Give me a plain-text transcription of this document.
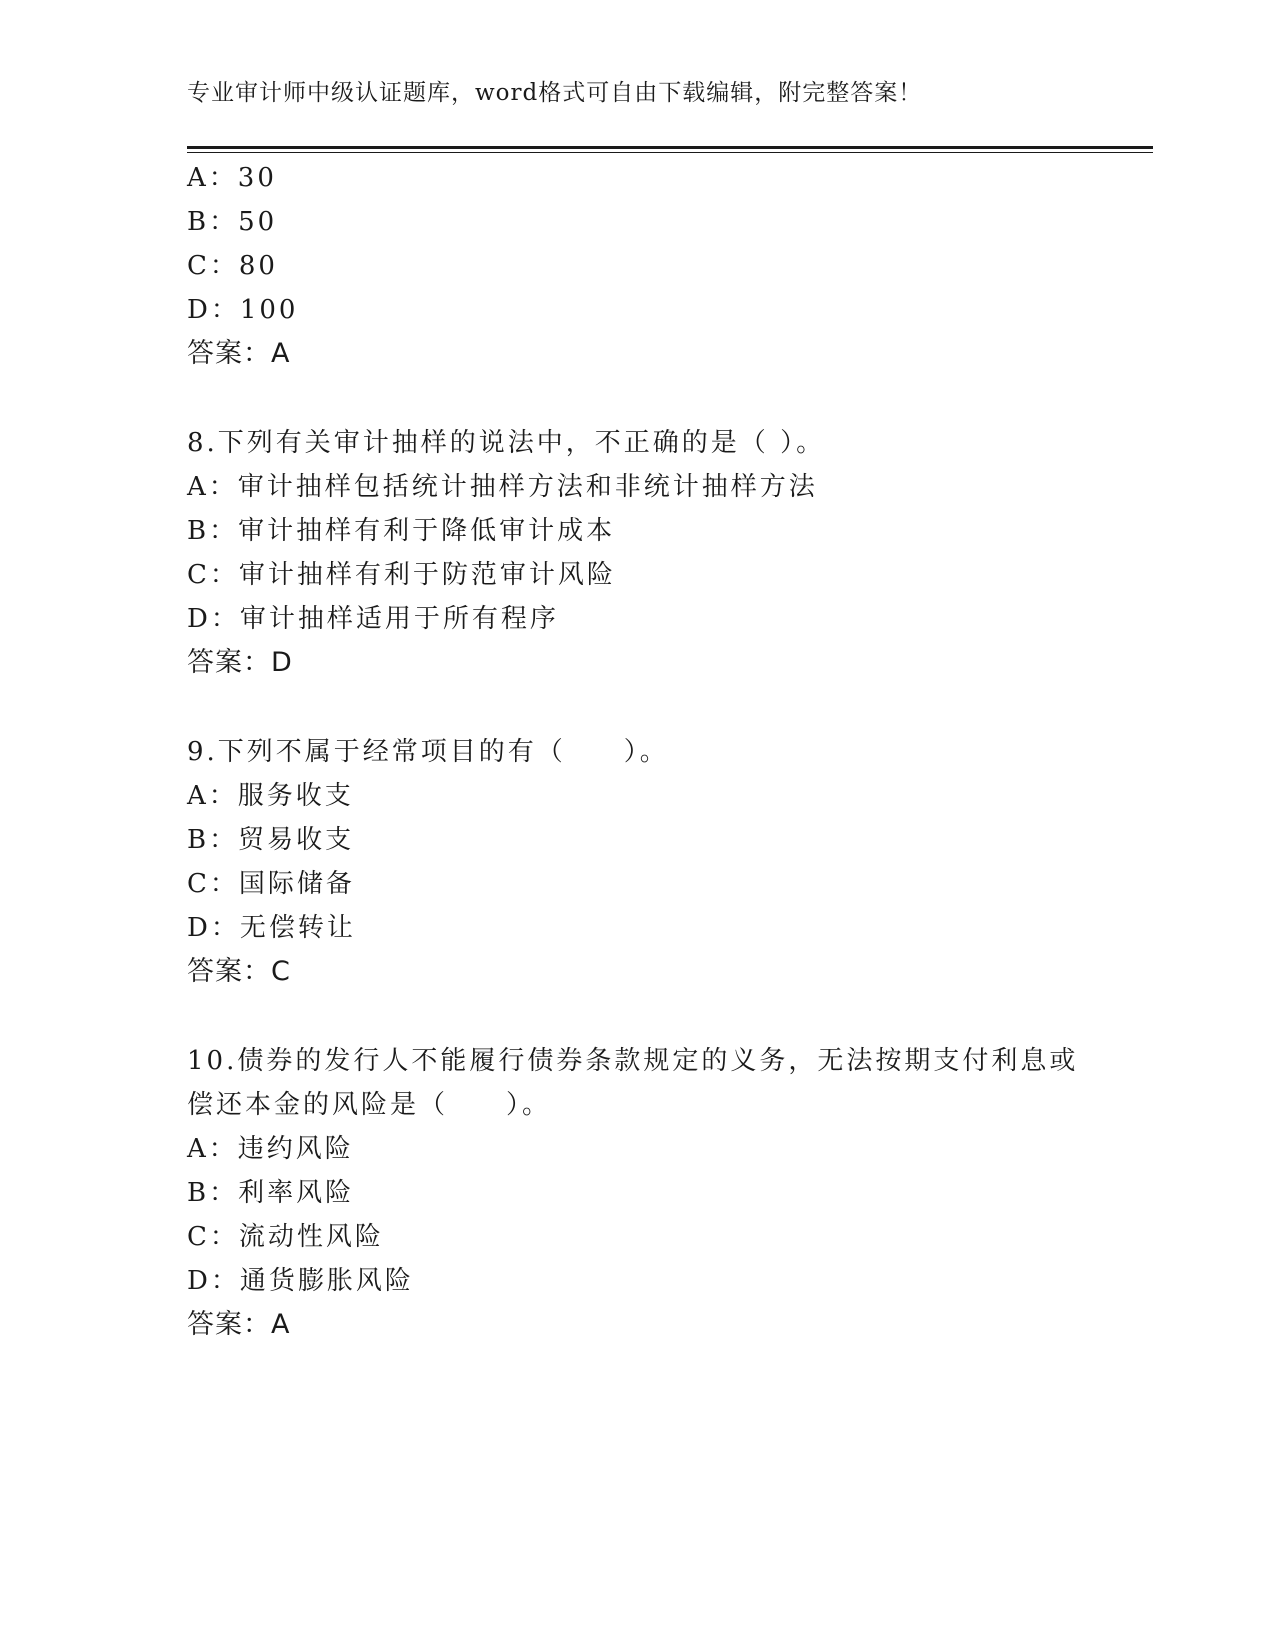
专业审计师中级认证题库，word格式可自由下载编辑，附完整答案！
A：30
B：50
C：80
D：100
答案：A
8.下列有关审计抽样的说法中，不正确的是（ ）。
A：审计抽样包括统计抽样方法和非统计抽样方法
B：审计抽样有利于降低审计成本
C：审计抽样有利于防范审计风险
D：审计抽样适用于所有程序
答案：D
9.下列不属于经常项目的有（　　）。
A：服务收支
B：贸易收支
C：国际储备
D：无偿转让
答案：C
10.债券的发行人不能履行债券条款规定的义务，无法按期支付利息或
偿还本金的风险是（　　）。
A：违约风险
B：利率风险
C：流动性风险
D：通货膨胀风险
答案：A
